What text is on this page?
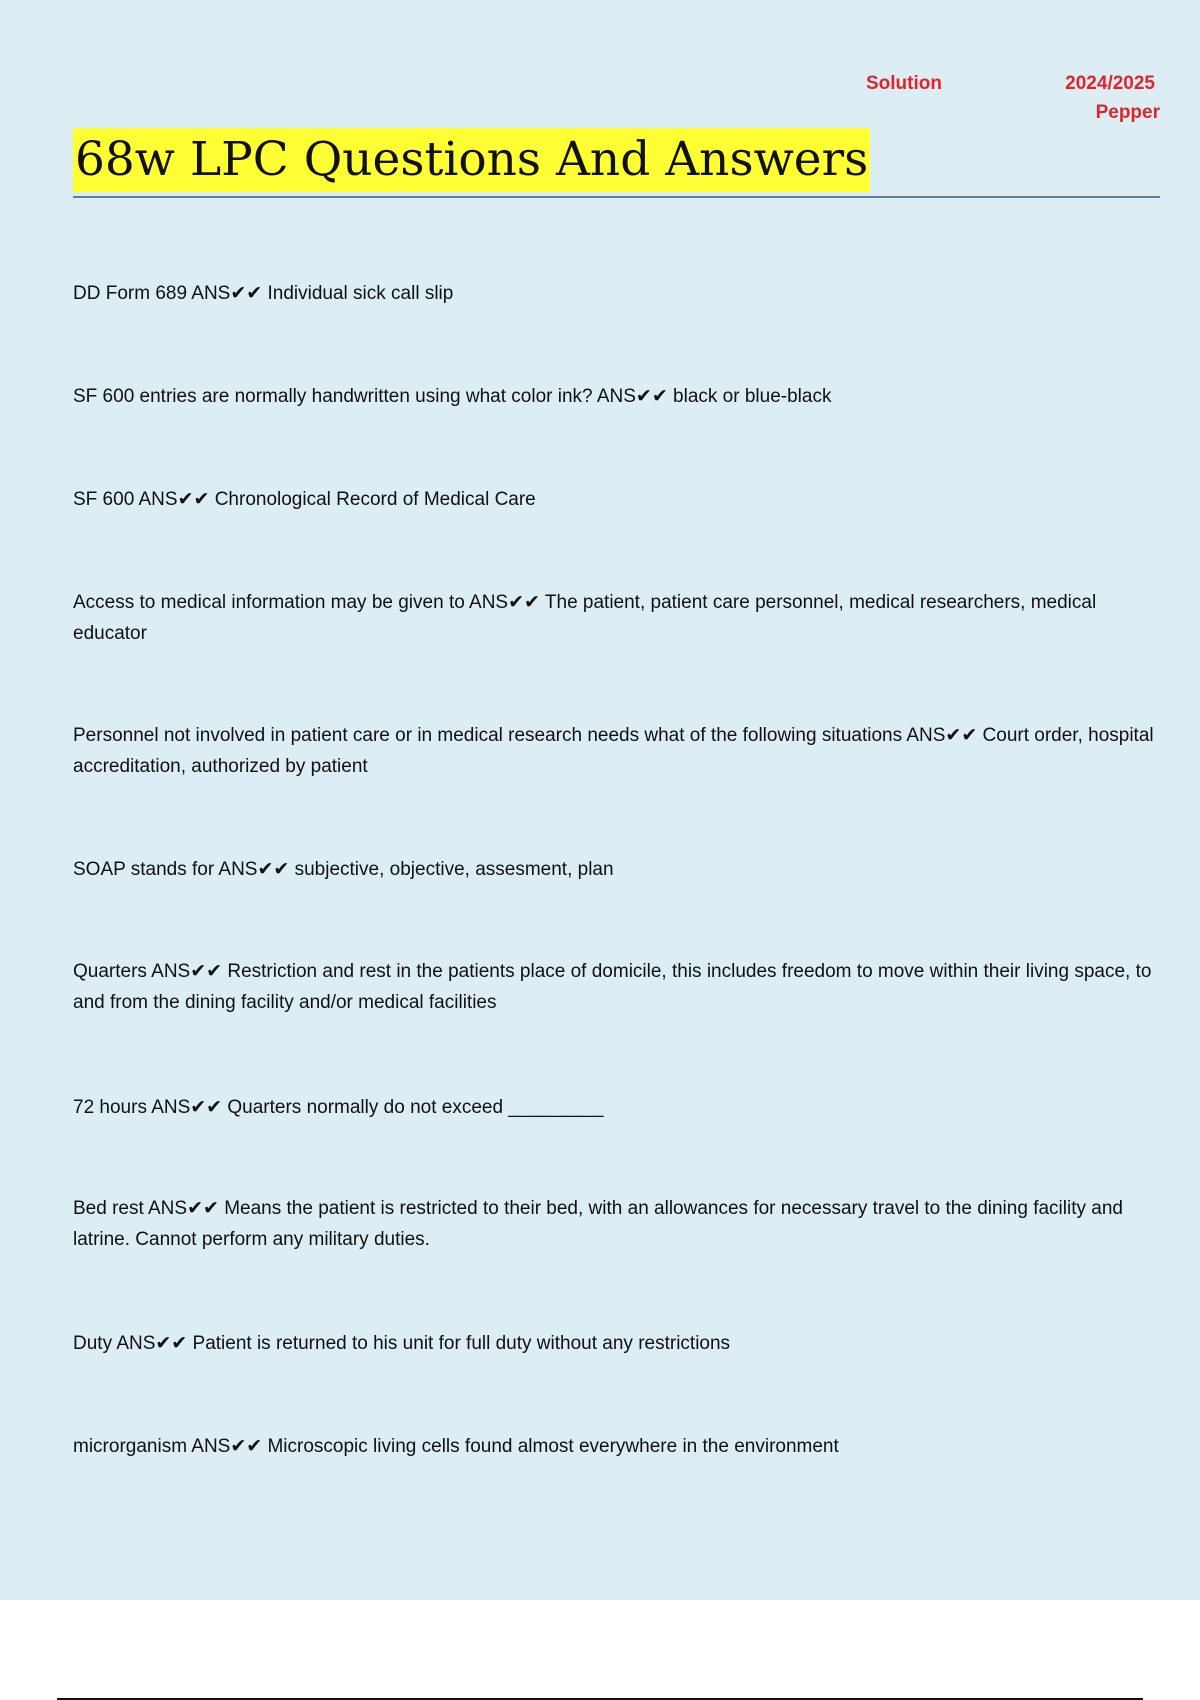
Solution	2024/2025
Pepper
68w LPC Questions And Answers
DD Form 689 ANS✔✔ Individual sick call slip
SF 600 entries are normally handwritten using what color ink? ANS✔✔ black or blue-black
SF 600 ANS✔✔ Chronological Record of Medical Care
Access to medical information may be given to ANS✔✔ The patient, patient care personnel, medical researchers, medical educator
Personnel not involved in patient care or in medical research needs what of the following situations ANS✔✔ Court order, hospital accreditation, authorized by patient
SOAP stands for ANS✔✔ subjective, objective, assesment, plan
Quarters ANS✔✔ Restriction and rest in the patients place of domicile, this includes freedom to move within their living space, to and from the dining facility and/or medical facilities
72 hours ANS✔✔ Quarters normally do not exceed _________
Bed rest ANS✔✔ Means the patient is restricted to their bed, with an allowances for necessary travel to the dining facility and latrine. Cannot perform any military duties.
Duty ANS✔✔ Patient is returned to his unit for full duty without any restrictions
microrganism ANS✔✔ Microscopic living cells found almost everywhere in the environment
